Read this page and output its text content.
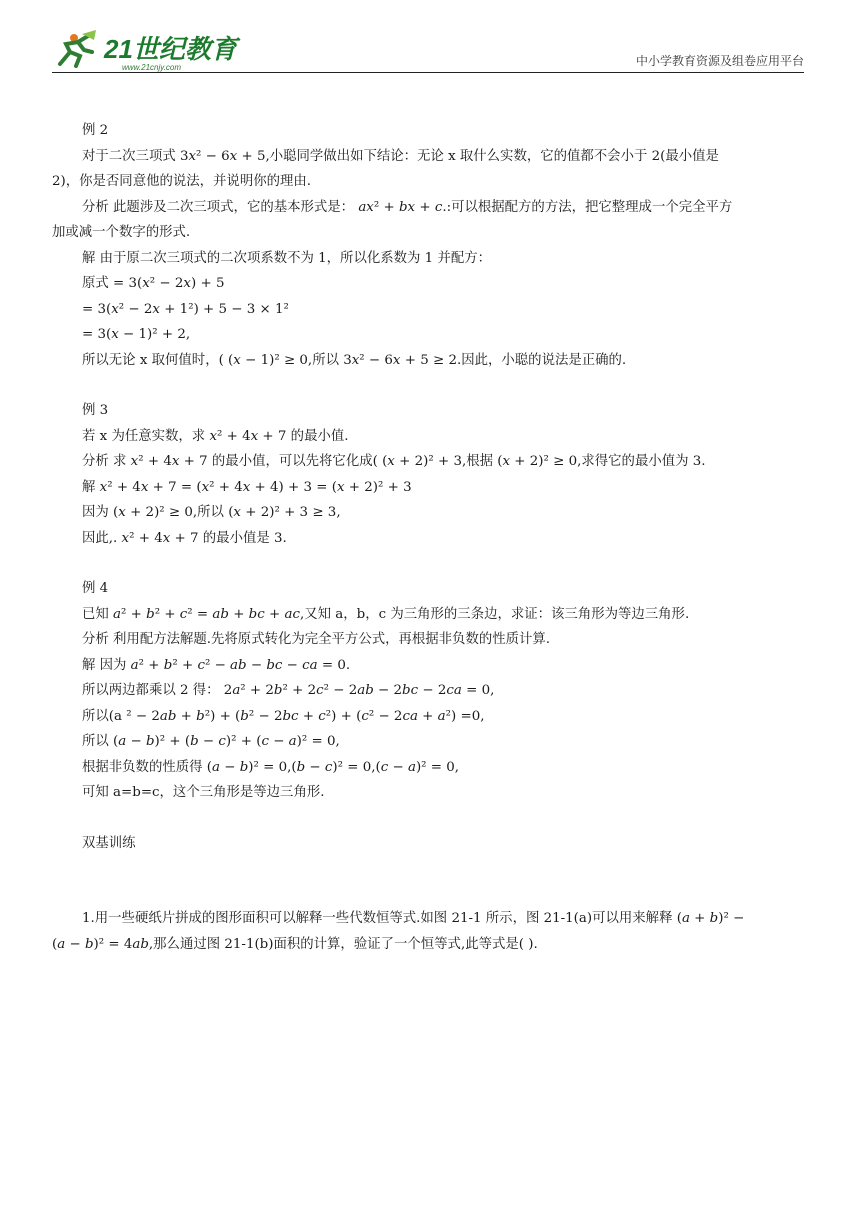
21世纪教育
www.21cnjy.com	中小学教育资源及组卷应用平台
例 2
对于二次三项式 3𝑥² − 6𝑥 + 5,小聪同学做出如下结论：无论 x 取什么实数，它的值都不会小于 2(最小值是
2)，你是否同意他的说法，并说明你的理由.
分析 此题涉及二次三项式，它的基本形式是： 𝑎𝑥² + 𝑏𝑥 + 𝑐.:可以根据配方的方法，把它整理成一个完全平方
加或减一个数字的形式.
解 由于原二次三项式的二次项系数不为 1，所以化系数为 1 并配方：
原式 = 3(𝑥² − 2𝑥) + 5
= 3(𝑥² − 2𝑥 + 1²) + 5 − 3 × 1²
= 3(𝑥 − 1)² + 2,
所以无论 x 取何值时，( (𝑥 − 1)² ≥ 0,所以 3𝑥² − 6𝑥 + 5 ≥ 2.因此，小聪的说法是正确的.
例 3
若 x 为任意实数，求 𝑥² + 4𝑥 + 7 的最小值.
分析 求 𝑥² + 4𝑥 + 7 的最小值，可以先将它化成( (𝑥 + 2)² + 3,根据 (𝑥 + 2)² ≥ 0,求得它的最小值为 3.
解 𝑥² + 4𝑥 + 7 = (𝑥² + 4𝑥 + 4) + 3 = (𝑥 + 2)² + 3
因为 (𝑥 + 2)² ≥ 0,所以 (𝑥 + 2)² + 3 ≥ 3,
因此,. 𝑥² + 4𝑥 + 7 的最小值是 3.
例 4
已知 𝑎² + 𝑏² + 𝑐² = 𝑎𝑏 + 𝑏𝑐 + 𝑎𝑐,又知 a，b，c 为三角形的三条边，求证：该三角形为等边三角形.
分析 利用配方法解题.先将原式转化为完全平方公式，再根据非负数的性质计算.
解 因为 𝑎² + 𝑏² + 𝑐² − 𝑎𝑏 − 𝑏𝑐 − 𝑐𝑎 = 0.
所以两边都乘以 2 得： 2𝑎² + 2𝑏² + 2𝑐² − 2𝑎𝑏 − 2𝑏𝑐 − 2𝑐𝑎 = 0,
所以(a ² − 2𝑎𝑏 + 𝑏²) + (𝑏² − 2𝑏𝑐 + 𝑐²) + (𝑐² − 2𝑐𝑎 + 𝑎²) =0,
所以 (𝑎 − 𝑏)² + (𝑏 − 𝑐)² + (𝑐 − 𝑎)² = 0,
根据非负数的性质得 (𝑎 − 𝑏)² = 0,(𝑏 − 𝑐)² = 0,(𝑐 − 𝑎)² = 0,
可知 a=b=c，这个三角形是等边三角形.
双基训练
1.用一些硬纸片拼成的图形面积可以解释一些代数恒等式.如图 21-1 所示，图 21-1(a)可以用来解释 (𝑎 + 𝑏)² −
(𝑎 − 𝑏)² = 4𝑎𝑏,那么通过图 21-1(b)面积的计算，验证了一个恒等式,此等式是( ).
